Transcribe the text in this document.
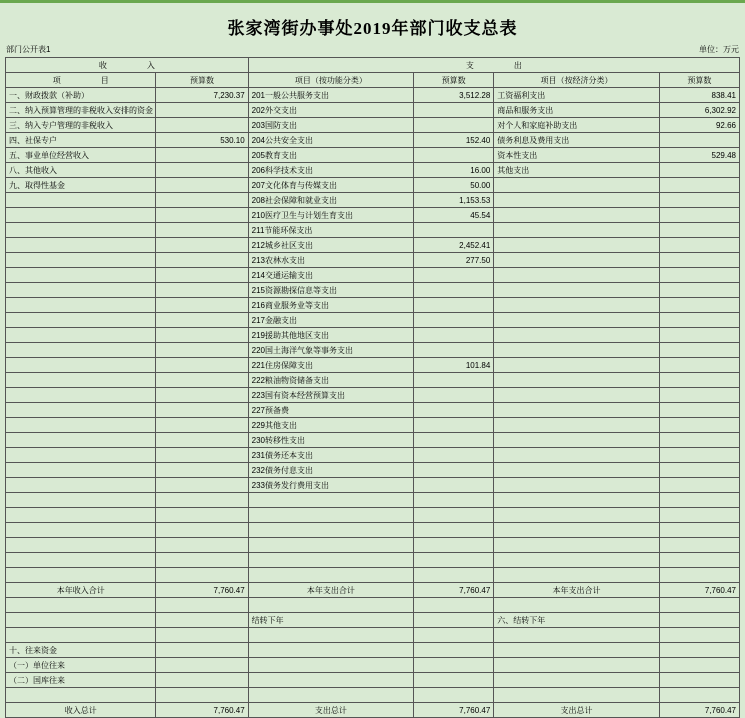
张家湾街办事处2019年部门收支总表
部门公开表1	单位：万元
收　　　　　入		支　　　　　出			
项　　　　　目	预算数	项目（按功能分类）	预算数	项目（按经济分类）	预算数
一、财政拨款（补助）	7,230.37	201一般公共服务支出	3,512.28	工资福利支出	838.41
二、纳入预算管理的非税收入安排的资金		202外交支出		商品和服务支出	6,302.92
三、纳入专户管理的非税收入		203国防支出		对个人和家庭补助支出	92.66
四、社保专户	530.10	204公共安全支出	152.40	债务利息及费用支出	
五、事业单位经营收入		205教育支出		资本性支出	529.48
八、其他收入		206科学技术支出	16.00	其他支出	
九、取得性基金		207文化体育与传媒支出	50.00		
		208社会保障和就业支出	1,153.53		
		210医疗卫生与计划生育支出	45.54		
		211节能环保支出			
		212城乡社区支出	2,452.41		
		213农林水支出	277.50		
		214交通运输支出			
		215资源勘探信息等支出			
		216商业服务业等支出			
		217金融支出			
		219援助其他地区支出			
		220国土海洋气象等事务支出			
		221住房保障支出	101.84		
		222粮油物资储备支出			
		223国有资本经营预算支出			
		227预备费			
		229其他支出			
		230转移性支出			
		231债务还本支出			
		232债务付息支出			
		233债务发行费用支出			

本年收入合计	7,760.47	本年支出合计	7,760.47	本年支出合计	7,760.47

		结转下年		六、结转下年	

十、往来资金					
（一）单位往来					
（二）国库往来					

收入总计	7,760.47	支出总计	7,760.47	支出总计	7,760.47
